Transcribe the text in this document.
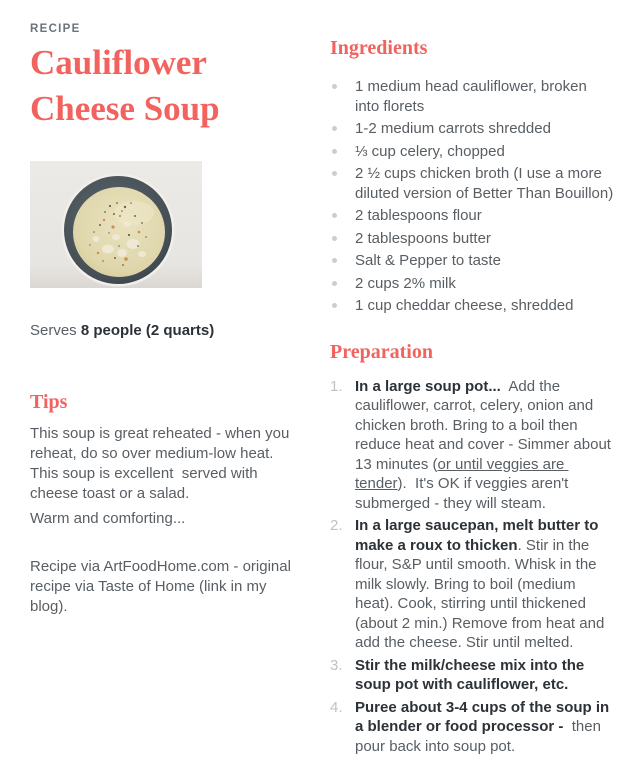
RECIPE
Cauliflower
Cheese Soup

Serves 8 people (2 quarts)

Tips

This soup is great reheated - when you reheat, do so over medium-low heat. This soup is excellent  served with cheese toast or a salad.

Warm and comforting...

Recipe via ArtFoodHome.com - original recipe via Taste of Home (link in my blog).

Ingredients
1 medium head cauliflower, broken into florets
1-2 medium carrots shredded
⅓ cup celery, chopped
2 ½ cups chicken broth (I use a more diluted version of Better Than Bouillon)
2 tablespoons flour
2 tablespoons butter
Salt & Pepper to taste
2 cups 2% milk
1 cup cheddar cheese, shredded
Preparation
1. In a large soup pot...  Add the cauliflower, carrot, celery, onion and chicken broth. Bring to a boil then reduce heat and cover - Simmer about 13 minutes (or until veggies are tender).  It's OK if veggies aren't submerged - they will steam.
2. In a large saucepan, melt butter to make a roux to thicken. Stir in the flour, S&P until smooth. Whisk in the milk slowly. Bring to boil (medium heat). Cook, stirring until thickened (about 2 min.) Remove from heat and add the cheese. Stir until melted.
3. Stir the milk/cheese mix into the soup pot with cauliflower, etc.
4. Puree about 3-4 cups of the soup in a blender or food processor -  then pour back into soup pot.
